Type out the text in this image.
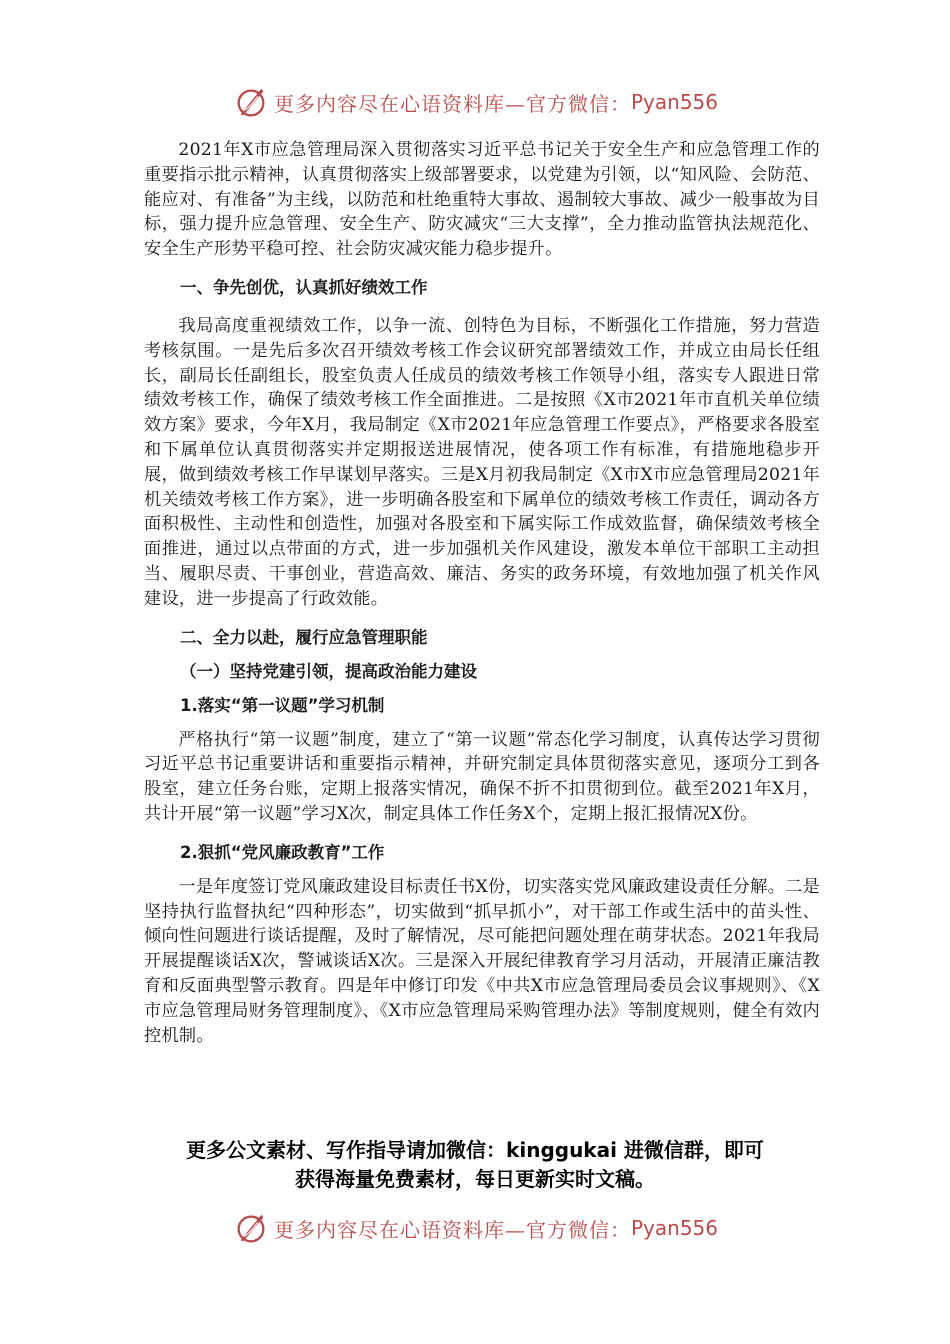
更多内容尽在心语资料库—官方微信： Pyan556

2021年X市应急管理局深入贯彻落实习近平总书记关于安全生产和应急管理工作的重要指示批示精神，认真贯彻落实上级部署要求，以党建为引领，以“知风险、会防范、能应对、有准备”为主线，以防范和杜绝重特大事故、遏制较大事故、减少一般事故为目标，强力提升应急管理、安全生产、防灾减灾“三大支撑”，全力推动监管执法规范化、安全生产形势平稳可控、社会防灾减灾能力稳步提升。

一、争先创优，认真抓好绩效工作

我局高度重视绩效工作，以争一流、创特色为目标，不断强化工作措施，努力营造考核氛围。一是先后多次召开绩效考核工作会议研究部署绩效工作，并成立由局长任组长，副局长任副组长，股室负责人任成员的绩效考核工作领导小组，落实专人跟进日常绩效考核工作，确保了绩效考核工作全面推进。二是按照《X市2021年市直机关单位绩效方案》要求，今年X月，我局制定《X市2021年应急管理工作要点》，严格要求各股室和下属单位认真贯彻落实并定期报送进展情况，使各项工作有标准，有措施地稳步开展，做到绩效考核工作早谋划早落实。三是X月初我局制定《X市X市应急管理局2021年机关绩效考核工作方案》，进一步明确各股室和下属单位的绩效考核工作责任，调动各方面积极性、主动性和创造性，加强对各股室和下属实际工作成效监督，确保绩效考核全面推进，通过以点带面的方式，进一步加强机关作风建设，激发本单位干部职工主动担当、履职尽责、干事创业，营造高效、廉洁、务实的政务环境，有效地加强了机关作风建设，进一步提高了行政效能。

二、全力以赴，履行应急管理职能

（一）坚持党建引领，提高政治能力建设

1.落实“第一议题”学习机制

严格执行“第一议题”制度，建立了“第一议题”常态化学习制度，认真传达学习贯彻习近平总书记重要讲话和重要指示精神，并研究制定具体贯彻落实意见，逐项分工到各股室，建立任务台账，定期上报落实情况，确保不折不扣贯彻到位。截至2021年X月，共计开展“第一议题”学习X次，制定具体工作任务X个，定期上报汇报情况X份。

2.狠抓“党风廉政教育”工作

一是年度签订党风廉政建设目标责任书X份，切实落实党风廉政建设责任分解。二是坚持执行监督执纪“四种形态”，切实做到“抓早抓小”，对干部工作或生活中的苗头性、倾向性问题进行谈话提醒，及时了解情况，尽可能把问题处理在萌芽状态。2021年我局开展提醒谈话X次，警诫谈话X次。三是深入开展纪律教育学习月活动，开展清正廉洁教育和反面典型警示教育。四是年中修订印发《中共X市应急管理局委员会议事规则》、《X市应急管理局财务管理制度》、《X市应急管理局采购管理办法》等制度规则，健全有效内控机制。

更多公文素材、写作指导请加微信：kinggukai 进微信群，即可
获得海量免费素材，每日更新实时文稿。
更多内容尽在心语资料库—官方微信： Pyan556
